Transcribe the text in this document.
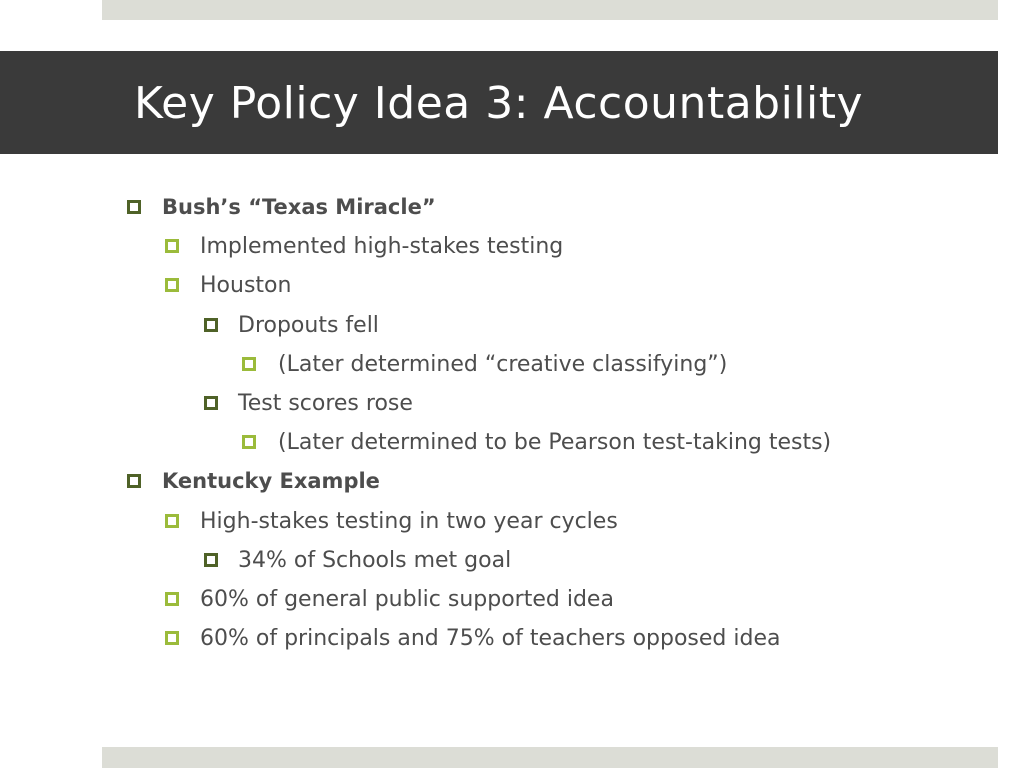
Key Policy Idea 3: Accountability
Bush’s “Texas Miracle”
Implemented high-stakes testing
Houston
Dropouts fell
(Later determined “creative classifying”)
Test scores rose
(Later determined to be Pearson test-taking tests)
Kentucky Example
High-stakes testing in two year cycles
34% of Schools met goal
60% of general public supported idea
60% of principals and 75% of teachers opposed idea
